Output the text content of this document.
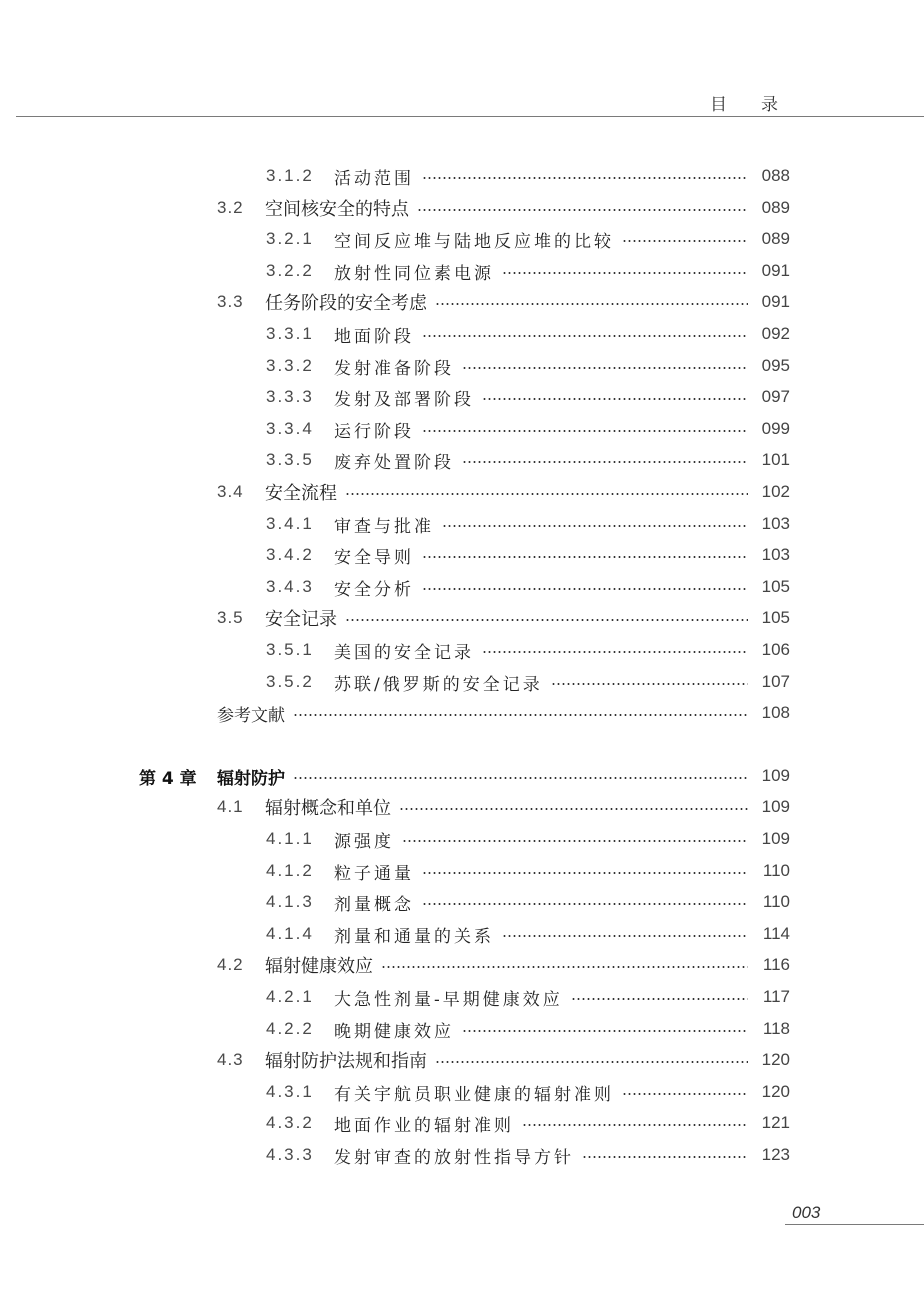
目　　录
3.1.2	活动范围	088
3.2	空间核安全的特点	089
3.2.1	空间反应堆与陆地反应堆的比较	089
3.2.2	放射性同位素电源	091
3.3	任务阶段的安全考虑	091
3.3.1	地面阶段	092
3.3.2	发射准备阶段	095
3.3.3	发射及部署阶段	097
3.3.4	运行阶段	099
3.3.5	废弃处置阶段	101
3.4	安全流程	102
3.4.1	审查与批准	103
3.4.2	安全导则	103
3.4.3	安全分析	105
3.5	安全记录	105
3.5.1	美国的安全记录	106
3.5.2	苏联/俄罗斯的安全记录	107
参考文献	108
第 4 章	辐射防护	109
4.1	辐射概念和单位	109
4.1.1	源强度	109
4.1.2	粒子通量	110
4.1.3	剂量概念	110
4.1.4	剂量和通量的关系	114
4.2	辐射健康效应	116
4.2.1	大急性剂量-早期健康效应	117
4.2.2	晚期健康效应	118
4.3	辐射防护法规和指南	120
4.3.1	有关宇航员职业健康的辐射准则	120
4.3.2	地面作业的辐射准则	121
4.3.3	发射审查的放射性指导方针	123
003
